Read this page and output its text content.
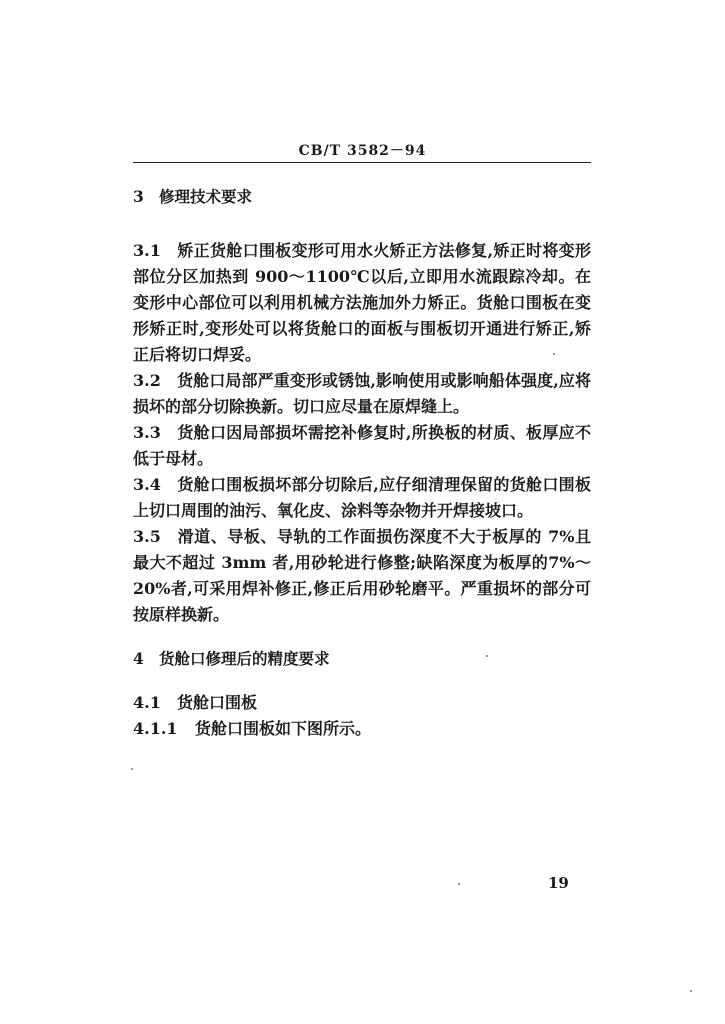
CB/T 3582－94
3 修理技术要求
3.1 矫正货舱口围板变形可用水火矫正方法修复,矫正时将变形部位分区加热到 900～1100℃以后,立即用水流跟踪冷却。在变形中心部位可以利用机械方法施加外力矫正。货舱口围板在变形矫正时,变形处可以将货舱口的面板与围板切开通进行矫正,矫正后将切口焊妥。
3.2 货舱口局部严重变形或锈蚀,影响使用或影响船体强度,应将损坏的部分切除换新。切口应尽量在原焊缝上。
3.3 货舱口因局部损坏需挖补修复时,所换板的材质、板厚应不低于母材。
3.4 货舱口围板损坏部分切除后,应仔细清理保留的货舱口围板上切口周围的油污、氧化皮、涂料等杂物并开焊接坡口。
3.5 滑道、导板、导轨的工作面损伤深度不大于板厚的 7%且最大不超过 3mm 者,用砂轮进行修整;缺陷深度为板厚的7%～20%者,可采用焊补修正,修正后用砂轮磨平。严重损坏的部分可按原样换新。
4 货舱口修理后的精度要求
4.1 货舱口围板
4.1.1 货舱口围板如下图所示。
19
